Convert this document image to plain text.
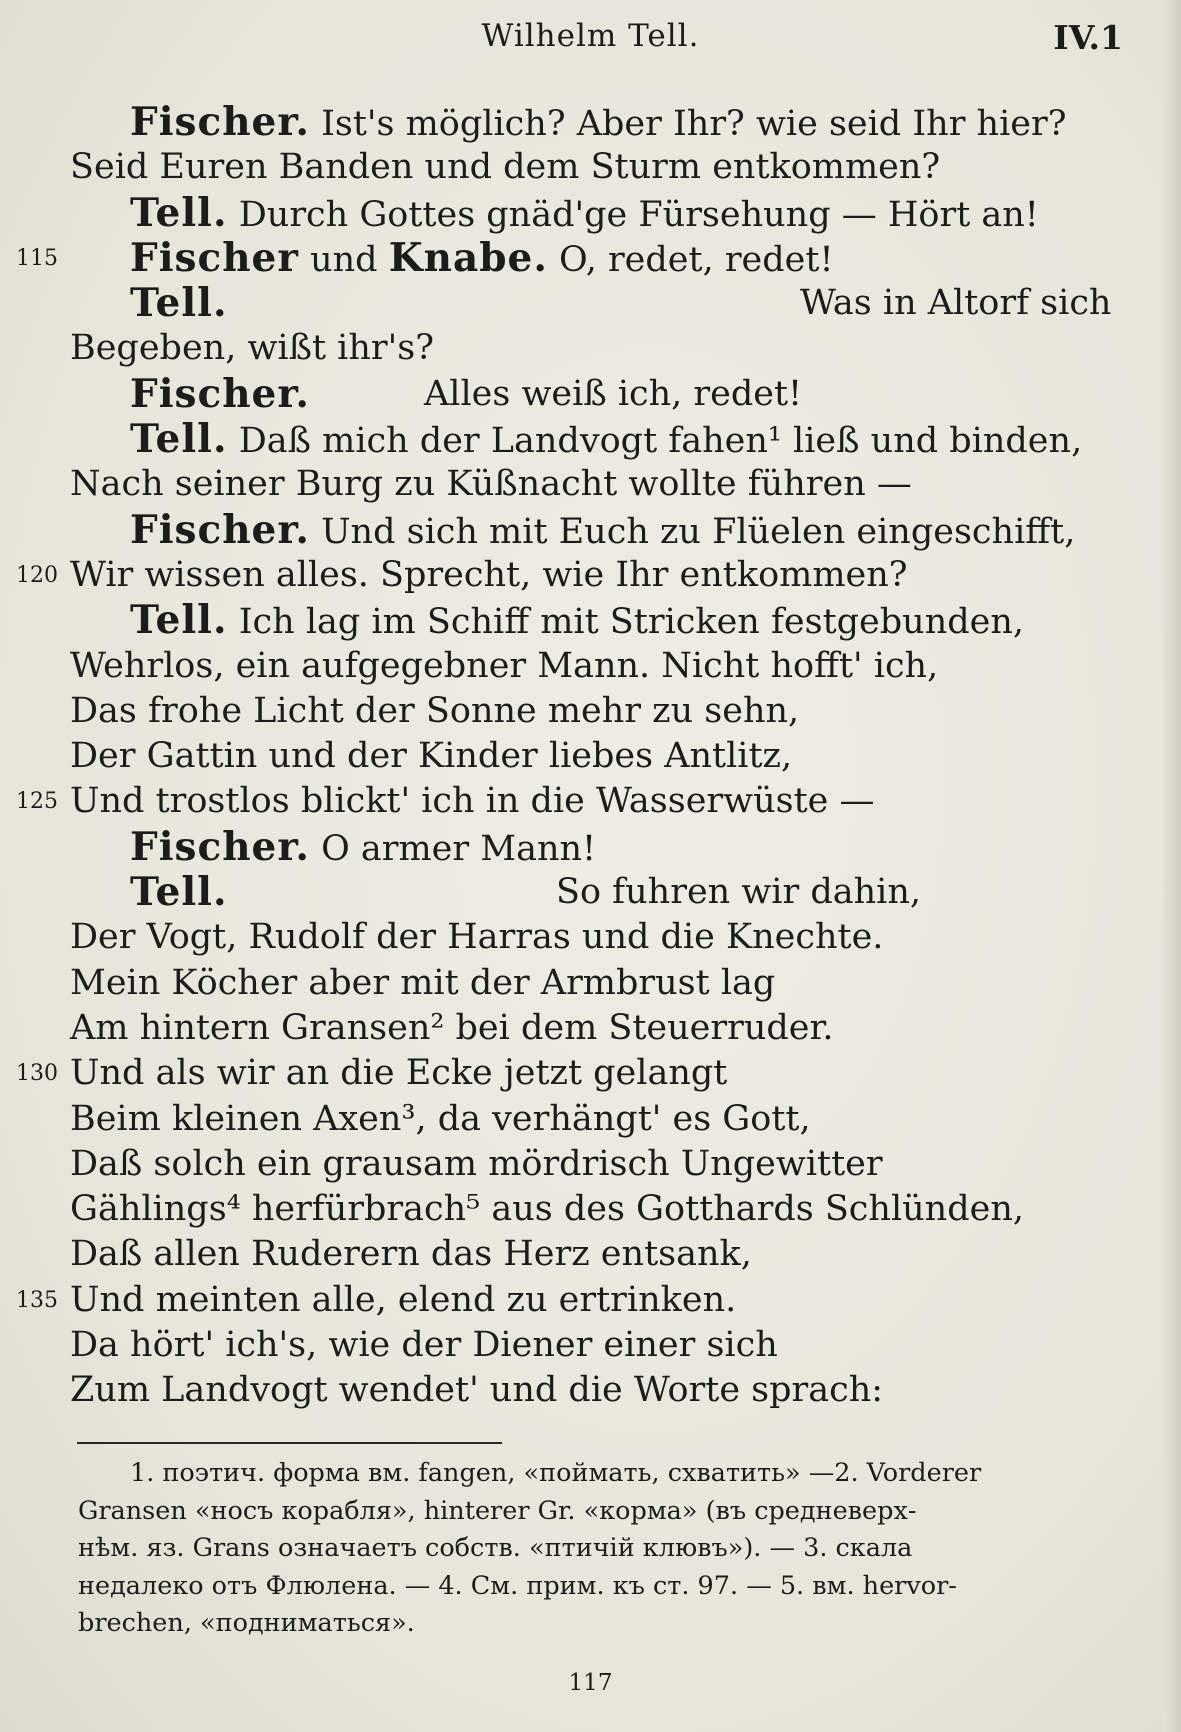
Wilhelm Tell.	IV.1
Fischer. Ist's möglich? Aber Ihr? wie seid Ihr hier?
Seid Euren Banden und dem Sturm entkommen?
Tell. Durch Gottes gnäd'ge Fürsehung — Hört an!
115 Fischer und Knabe. O, redet, redet!
Tell.	Was in Altorf sich
Begeben, wißt ihr's?
Fischer.	Alles weiß ich, redet!
Tell. Daß mich der Landvogt fahen¹ ließ und binden,
Nach seiner Burg zu Küßnacht wollte führen —
Fischer. Und sich mit Euch zu Flüelen eingeschifft,
120 Wir wissen alles. Sprecht, wie Ihr entkommen?
Tell. Ich lag im Schiff mit Stricken festgebunden,
Wehrlos, ein aufgegebner Mann. Nicht hofft' ich,
Das frohe Licht der Sonne mehr zu sehn,
Der Gattin und der Kinder liebes Antlitz,
125 Und trostlos blickt' ich in die Wasserwüste —
Fischer. O armer Mann!
Tell.	So fuhren wir dahin,
Der Vogt, Rudolf der Harras und die Knechte.
Mein Köcher aber mit der Armbrust lag
Am hintern Gransen² bei dem Steuerruder.
130 Und als wir an die Ecke jetzt gelangt
Beim kleinen Axen³, da verhängt' es Gott,
Daß solch ein grausam mördrisch Ungewitter
Gählings⁴ herfürbrach⁵ aus des Gotthards Schlünden,
Daß allen Ruderern das Herz entsank,
135 Und meinten alle, elend zu ertrinken.
Da hört' ich's, wie der Diener einer sich
Zum Landvogt wendet' und die Worte sprach:
1. поэтич. форма вм. fangen, «поймать, схватить» —2. Vorderer
Gransen «носъ корабля», hinterer Gr. «корма» (въ средневерх-
нѣм. яз. Grans означаетъ собств. «птичій клювъ»). — 3. скала
недалеко отъ Флюлена. — 4. См. прим. къ ст. 97. — 5. вм. hervor-
brechen, «подниматься».
117
